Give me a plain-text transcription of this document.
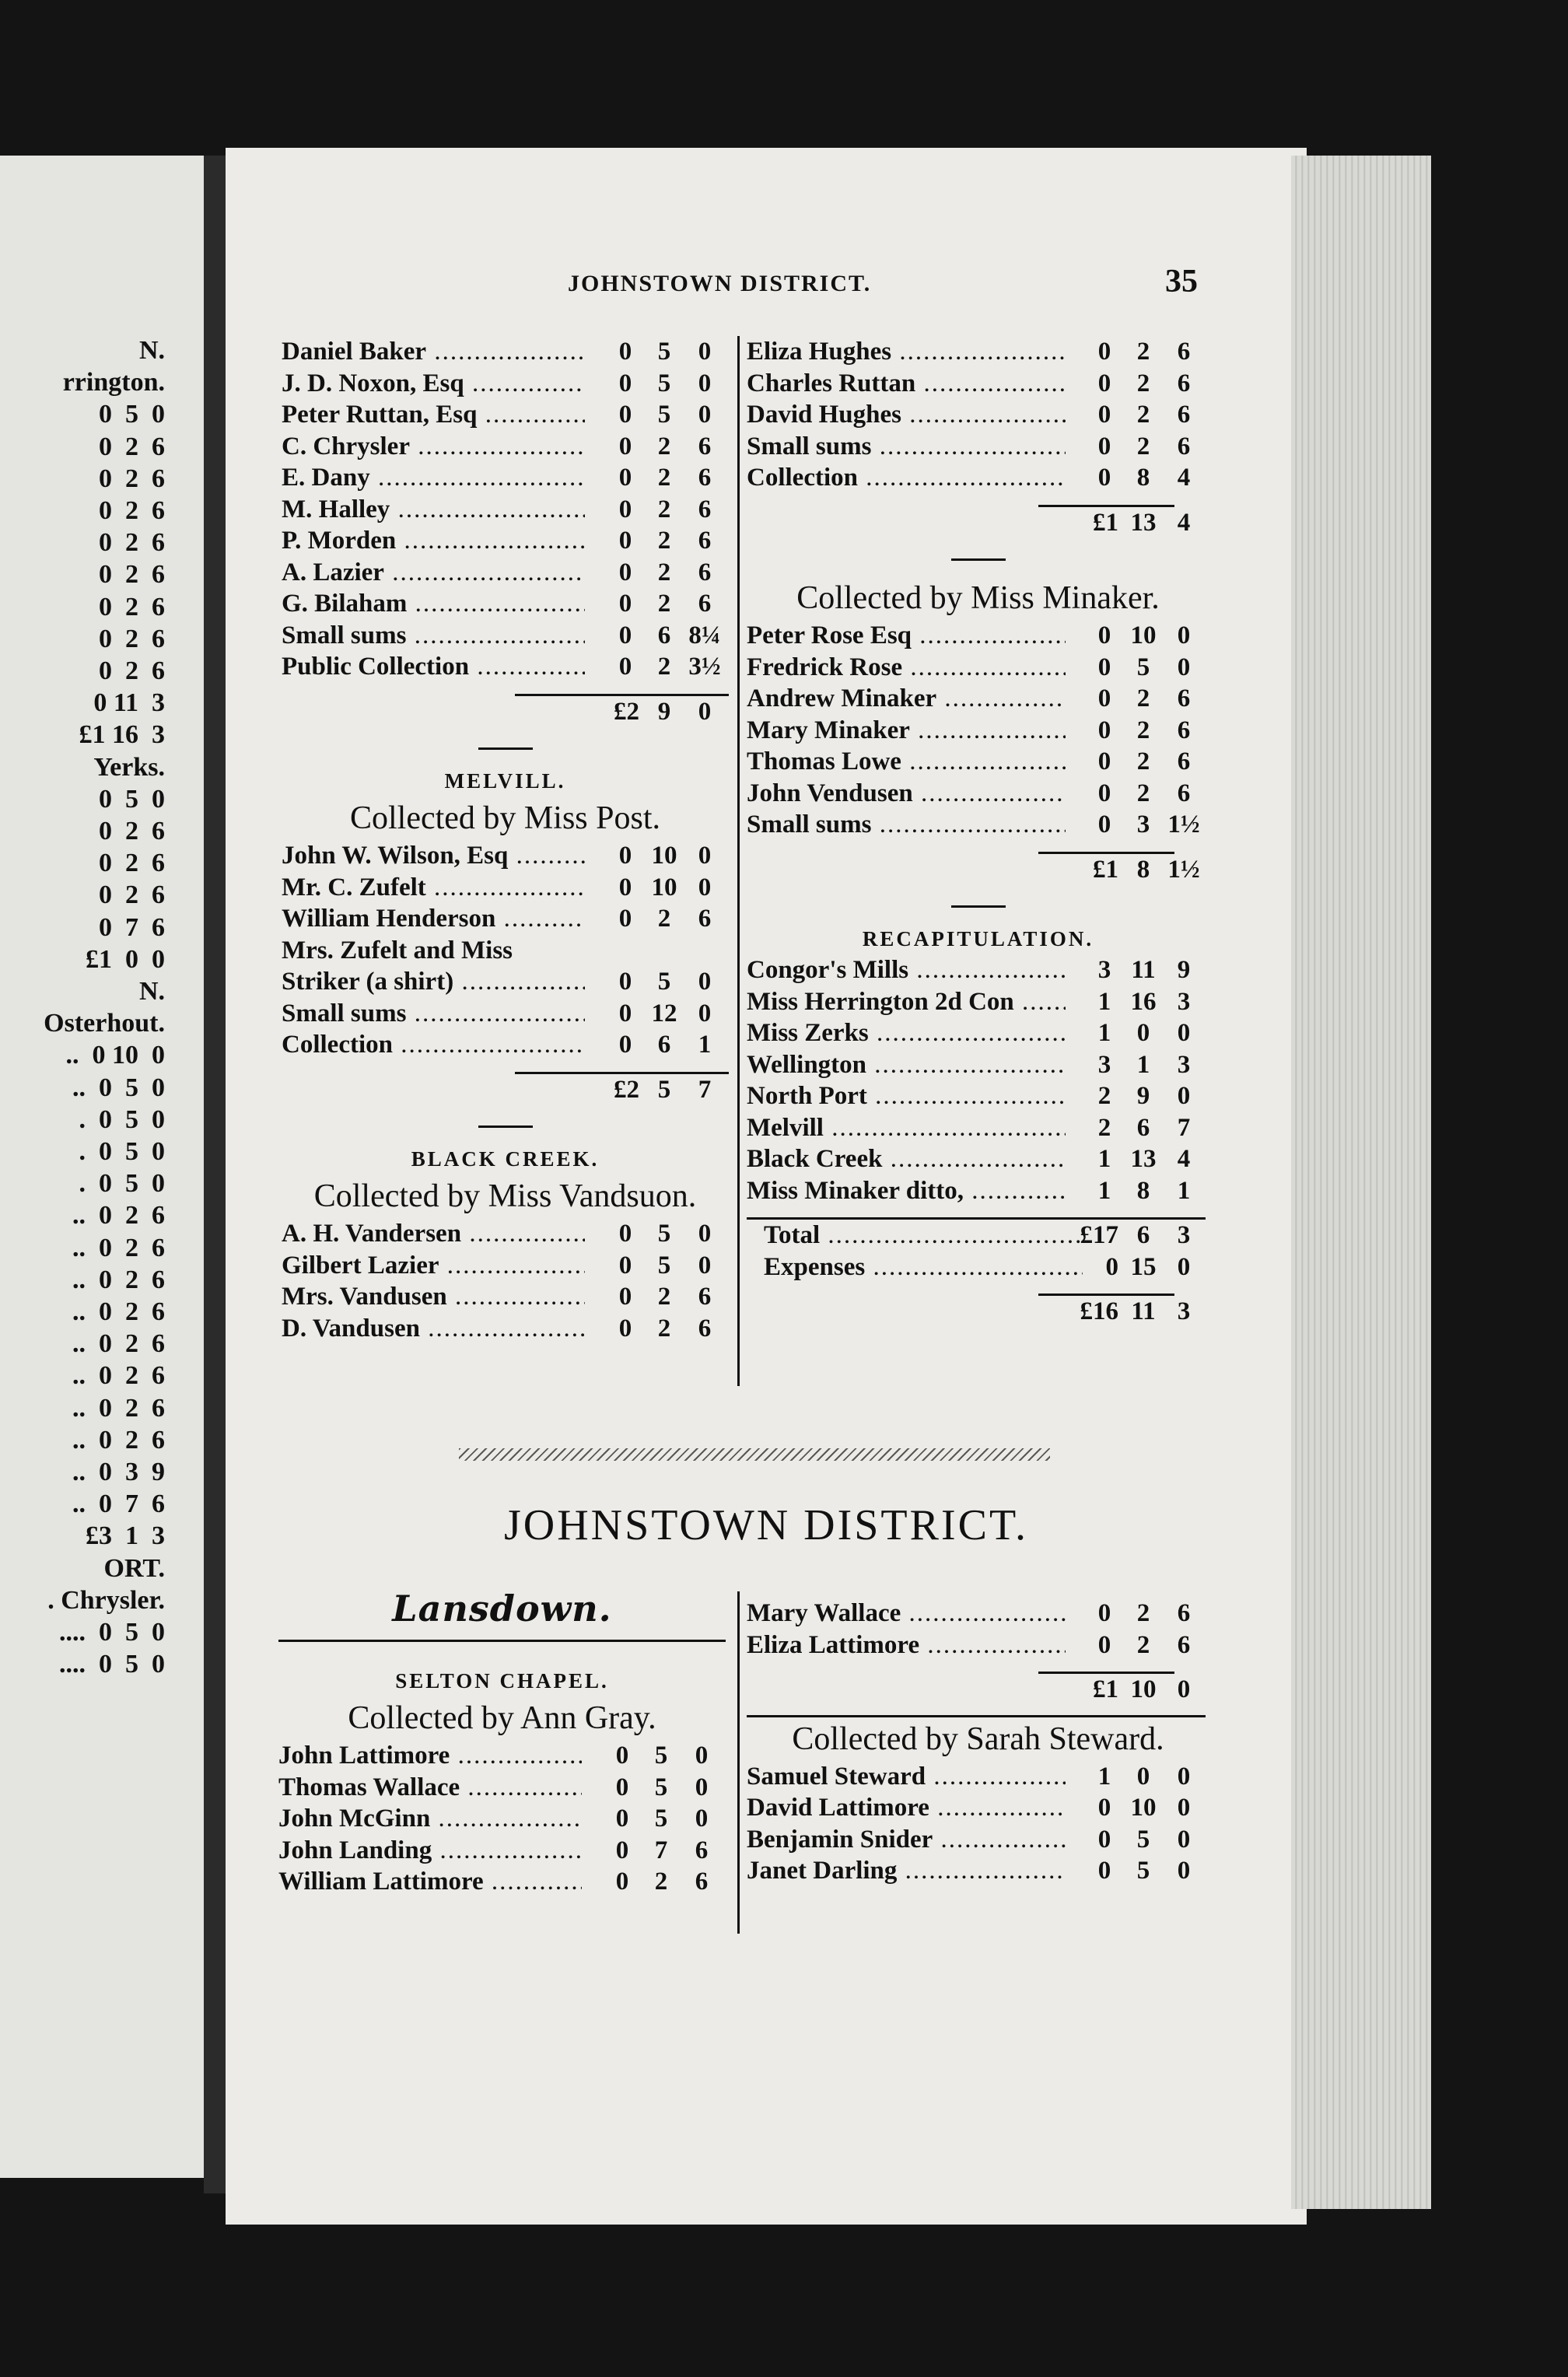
N.
rrington.
0  5  0
0  2  6
0  2  6
0  2  6
0  2  6
0  2  6
0  2  6
0  2  6
0  2  6
0 11  3
£1 16  3
Yerks.
0  5  0
0  2  6
0  2  6
0  2  6
0  7  6
£1  0  0
N.
Osterhout.
..  0 10  0
..  0  5  0
.  0  5  0
.  0  5  0
.  0  5  0
..  0  2  6
..  0  2  6
..  0  2  6
..  0  2  6
..  0  2  6
..  0  2  6
..  0  2  6
..  0  2  6
..  0  3  9
..  0  7  6
£3  1  3
ORT.
. Chrysler.
....  0  5  0
....  0  5  0
JOHNSTOWN DISTRICT.	35
Daniel Baker .....	0	5	0
J. D. Noxon, Esq .....	0	5	0
Peter Ruttan, Esq .....	0	5	0
C. Chrysler .....	0	2	6
E. Dany .....	0	2	6
M. Halley .....	0	2	6
P. Morden .....	0	2	6
A. Lazier .....	0	2	6
G. Bilaham .....	0	2	6
Small sums .....	0	6 8¼
Public Collection .....	0	2 3½
£2 9	0
MELVILL.
Collected by Miss Post.
John W. Wilson, Esq .....	0 10 0
Mr. C. Zufelt .....	0 10 0
William Henderson .....	0	2	6
Mrs. Zufelt and Miss
Striker (a shirt) .....	0	5	0
Small sums .....	0 12 0
Collection .....	0	6	1
£2 5	7
BLACK CREEK.
Collected by Miss Vandsuon.
A. H. Vandersen .....	0	5	0
Gilbert Lazier .....	0	5	0
Mrs. Vandusen .....	0	2	6
D. Vandusen .....	0	2	6
Eliza Hughes .....	0	2	6
Charles Ruttan .....	0	2	6
David Hughes .....	0	2	6
Small sums .....	0	2	6
Collection .....	0	8	4
£1 13 4
Collected by Miss Minaker.
Peter Rose Esq .....	0 10 0
Fredrick Rose .....	0	5	0
Andrew Minaker .....	0	2	6
Mary Minaker .....	0	2	6
Thomas Lowe .....	0	2	6
John Vendusen .....	0	2	6
Small sums .....	0	3 1½
£1 8 1½
RECAPITULATION.
Congor's Mills .....	3 11 9
Miss Herrington 2d Con .....	1 16 3
Miss Zerks .....	1	0	0
Wellington .....	3	1	3
North Port .....	2	9	0
Melvill .....	2	6	7
Black Creek .....	1 13 4
Miss Minaker ditto, .....	1	8	1
Total .....	£17 6	3
Expenses .....	0 15 0
£16 11 3
JOHNSTOWN DISTRICT.
Lansdown.
SELTON CHAPEL.
Collected by Ann Gray.
John Lattimore .....	0	5	0
Thomas Wallace .....	0	5	0
John McGinn .....	0	5	0
John Landing .....	0	7	6
William Lattimore .....	0	2	6
Mary Wallace .....	0	2	6
Eliza Lattimore .....	0	2	6
£1 10 0
Collected by Sarah Steward.
Samuel Steward .....	1	0	0
David Lattimore .....	0 10 0
Benjamin Snider .....	0	5	0
Janet Darling .....	0	5	0
